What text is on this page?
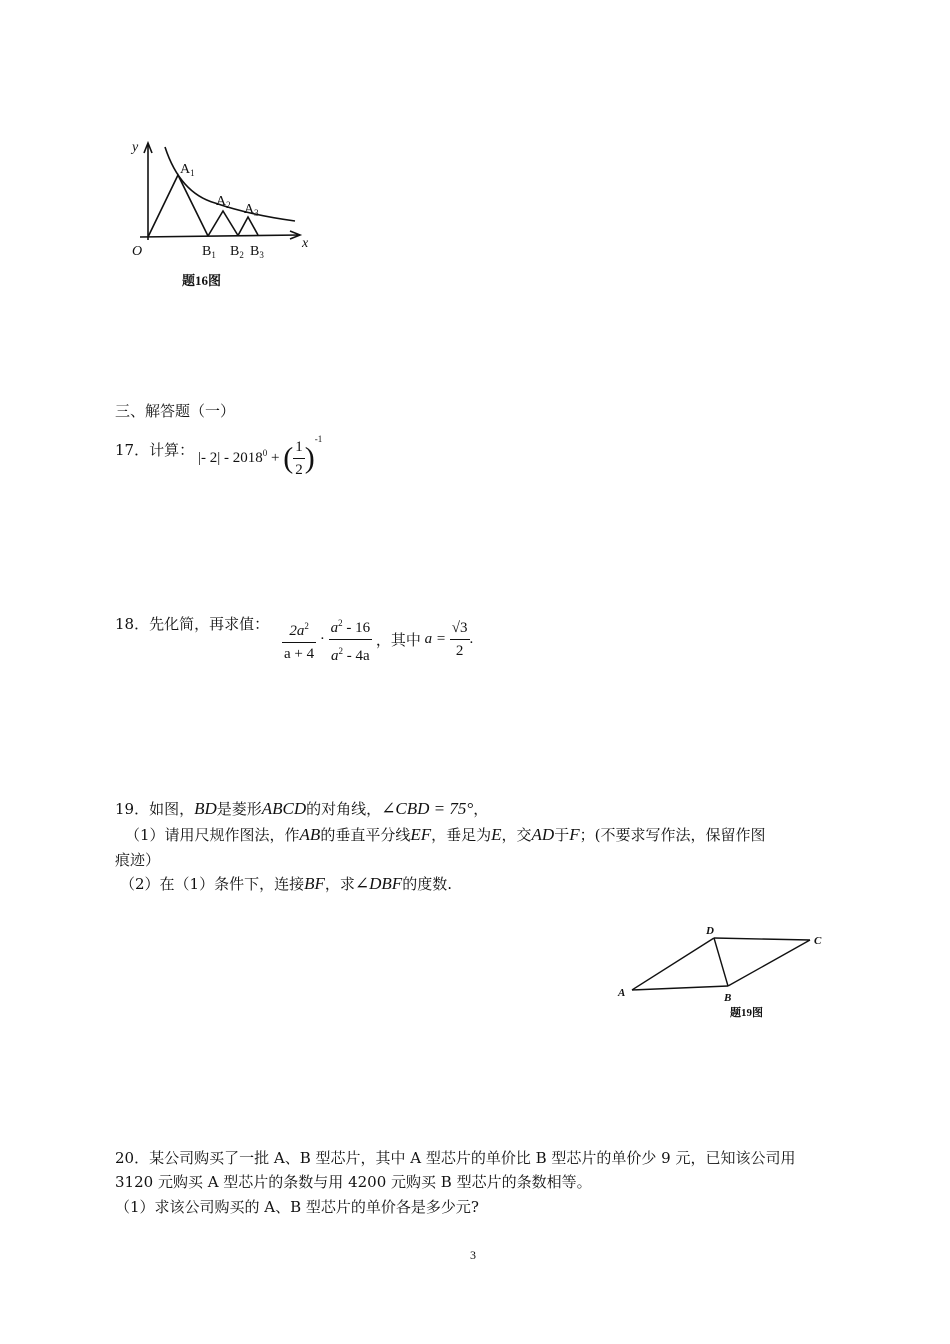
y
x
O
$A_1$
$A_2$ $A_3$
$B_1$ $B_2$ $B_3$
题16图
三、解答题（一）
17．计算： |- $2| - 2018^0$ + ( $\frac{1}{2} )^{-1}$
18．先化简，再求值： $\frac{2a^2}{a + 4} \cdot \frac{a^2 - 16}{a^2 - 4a}$ ，其中 $a = \frac{√3}{2}$ .
19．如图，BD是菱形ABCD的对角线，∠CBD = 75°，
（1）请用尺规作图法，作AB的垂直平分线EF，垂足为E，交AD于F；(不要求写作法，保留作图
痕迹）
（2）在（1）条件下，连接BF，求∠DBF的度数.
A	B
C
D
题19图
20．某公司购买了一批 A、B 型芯片，其中 A 型芯片的单价比 B 型芯片的单价少 9 元，已知该公司用
3120 元购买 A 型芯片的条数与用 4200 元购买 B 型芯片的条数相等。
（1）求该公司购买的 A、B 型芯片的单价各是多少元?
3
